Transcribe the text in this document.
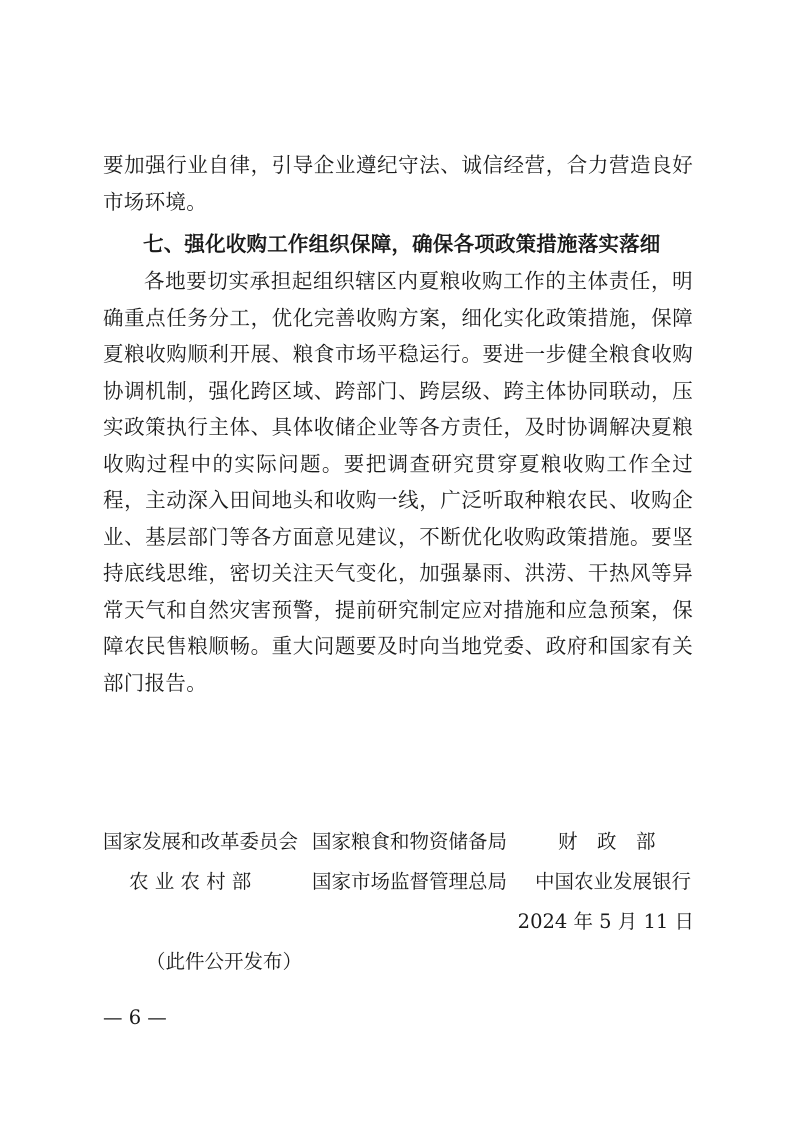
要加强行业自律，引导企业遵纪守法、诚信经营，合力营造良好市场环境。

七、强化收购工作组织保障，确保各项政策措施落实落细

各地要切实承担起组织辖区内夏粮收购工作的主体责任，明确重点任务分工，优化完善收购方案，细化实化政策措施，保障夏粮收购顺利开展、粮食市场平稳运行。要进一步健全粮食收购协调机制，强化跨区域、跨部门、跨层级、跨主体协同联动，压实政策执行主体、具体收储企业等各方责任，及时协调解决夏粮收购过程中的实际问题。要把调查研究贯穿夏粮收购工作全过程，主动深入田间地头和收购一线，广泛听取种粮农民、收购企业、基层部门等各方面意见建议，不断优化收购政策措施。要坚持底线思维，密切关注天气变化，加强暴雨、洪涝、干热风等异常天气和自然灾害预警，提前研究制定应对措施和应急预案，保障农民售粮顺畅。重大问题要及时向当地党委、政府和国家有关部门报告。

国家发展和改革委员会 国家粮食和物资储备局	财　政　部
农 业 农 村 部	国家市场监督管理总局 中国农业发展银行
2024 年 5 月 11 日
（此件公开发布）
— 6 —
